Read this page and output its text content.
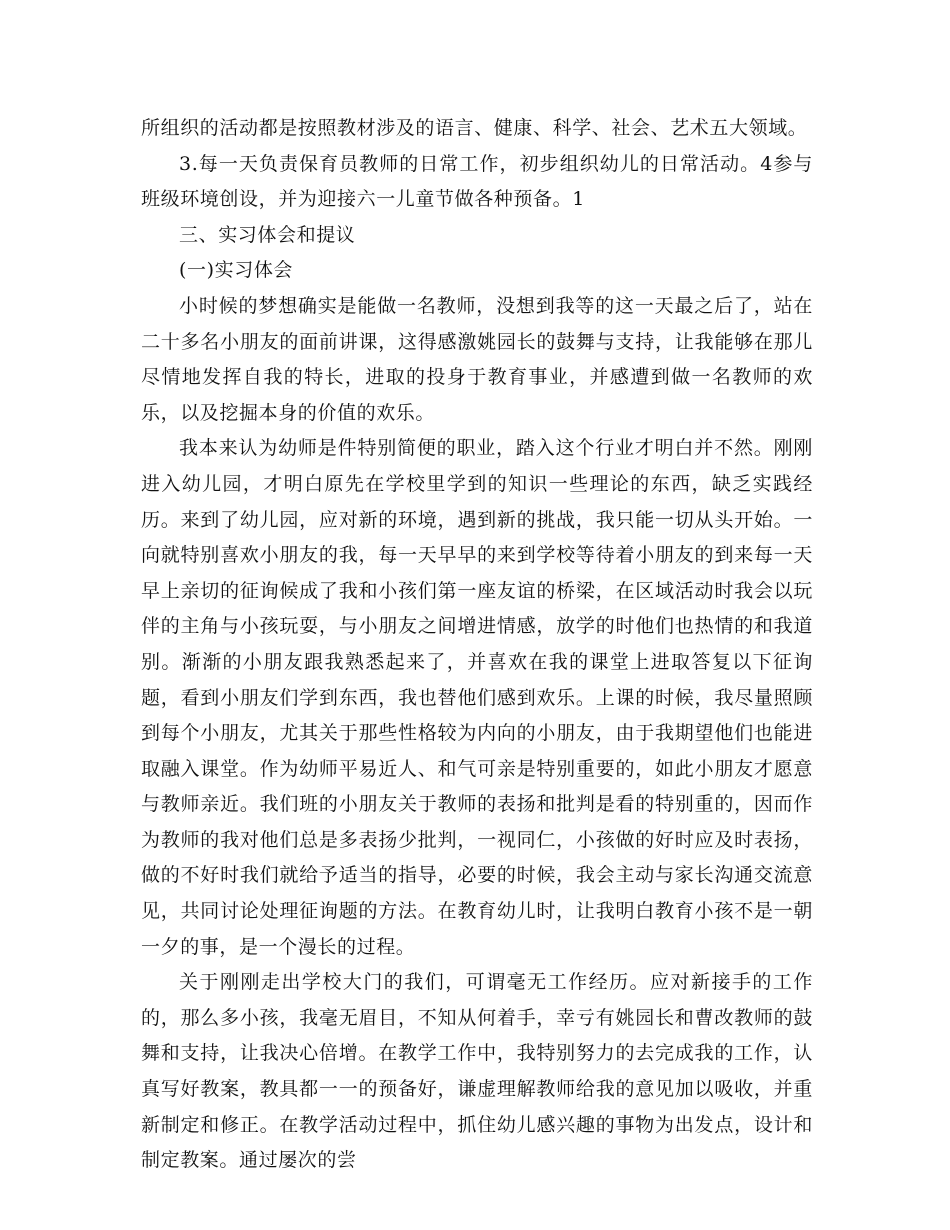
所组织的活动都是按照教材涉及的语言、健康、科学、社会、艺术五大领域。

3.每一天负责保育员教师的日常工作，初步组织幼儿的日常活动。4参与班级环境创设，并为迎接六一儿童节做各种预备。1

三、实习体会和提议

(一)实习体会

小时候的梦想确实是能做一名教师，没想到我等的这一天最之后了，站在二十多名小朋友的面前讲课，这得感激姚园长的鼓舞与支持，让我能够在那儿尽情地发挥自我的特长，进取的投身于教育事业，并感遭到做一名教师的欢乐，以及挖掘本身的价值的欢乐。

我本来认为幼师是件特别简便的职业，踏入这个行业才明白并不然。刚刚进入幼儿园，才明白原先在学校里学到的知识一些理论的东西，缺乏实践经历。来到了幼儿园，应对新的环境，遇到新的挑战，我只能一切从头开始。一向就特别喜欢小朋友的我，每一天早早的来到学校等待着小朋友的到来每一天早上亲切的征询候成了我和小孩们第一座友谊的桥梁，在区域活动时我会以玩伴的主角与小孩玩耍，与小朋友之间增进情感，放学的时他们也热情的和我道别。渐渐的小朋友跟我熟悉起来了，并喜欢在我的课堂上进取答复以下征询题，看到小朋友们学到东西，我也替他们感到欢乐。上课的时候，我尽量照顾到每个小朋友，尤其关于那些性格较为内向的小朋友，由于我期望他们也能进取融入课堂。作为幼师平易近人、和气可亲是特别重要的，如此小朋友才愿意与教师亲近。我们班的小朋友关于教师的表扬和批判是看的特别重的，因而作为教师的我对他们总是多表扬少批判，一视同仁，小孩做的好时应及时表扬，做的不好时我们就给予适当的指导，必要的时候，我会主动与家长沟通交流意见，共同讨论处理征询题的方法。在教育幼儿时，让我明白教育小孩不是一朝一夕的事，是一个漫长的过程。

关于刚刚走出学校大门的我们，可谓毫无工作经历。应对新接手的工作的，那么多小孩，我毫无眉目，不知从何着手，幸亏有姚园长和曹改教师的鼓舞和支持，让我决心倍增。在教学工作中，我特别努力的去完成我的工作，认真写好教案，教具都一一的预备好，谦虚理解教师给我的意见加以吸收，并重新制定和修正。在教学活动过程中，抓住幼儿感兴趣的事物为出发点，设计和制定教案。通过屡次的尝
